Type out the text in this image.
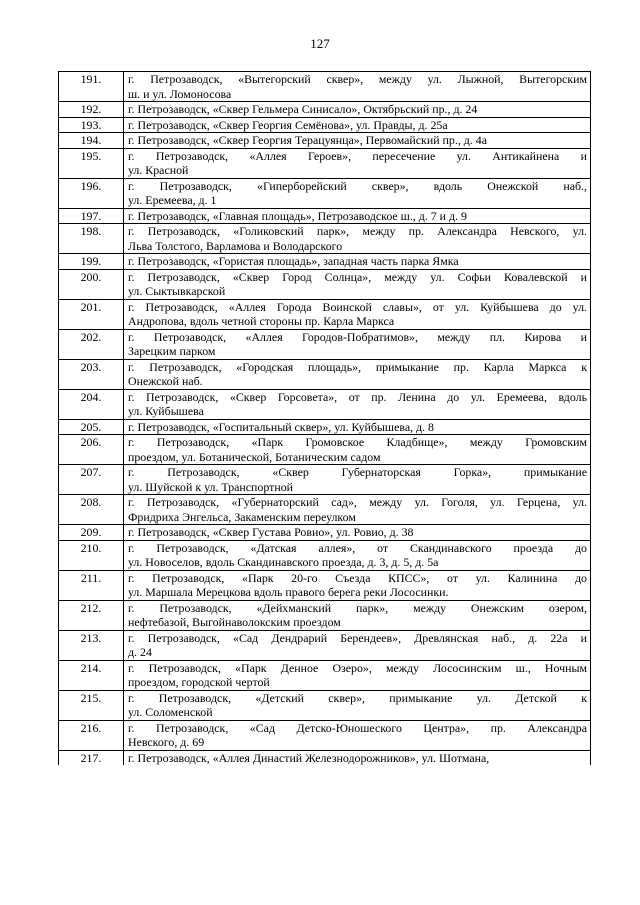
127
191.	г. Петрозаводск, «Вытегорский сквер», между ул. Лыжной, Вытегорским
ш. и ул. Ломоносова

192.	г. Петрозаводск, «Сквер Гельмера Синисало», Октябрьский пр., д. 24

193.	г. Петрозаводск, «Сквер Георгия Семёнова», ул. Правды, д. 25а

194.	г. Петрозаводск, «Сквер Георгия Терацуянца», Первомайский пр., д. 4а

195.	г. Петрозаводск, «Аллея Героев», пересечение ул. Антикайнена и
ул. Красной

196.	г. Петрозаводск, «Гиперборейский сквер», вдоль Онежской наб.,
ул. Еремеева, д. 1

197.	г. Петрозаводск, «Главная площадь», Петрозаводское ш., д. 7 и д. 9

198.	г. Петрозаводск, «Голиковский парк», между пр. Александра Невского, ул.
Льва Толстого, Варламова и Володарского

199.	г. Петрозаводск, «Гористая площадь», западная часть парка Ямка

200.	г. Петрозаводск, «Сквер Город Солнца», между ул. Софьи Ковалевской и
ул. Сыктывкарской

201.	г. Петрозаводск, «Аллея Города Воинской славы», от ул. Куйбышева до ул.
Андропова, вдоль четной стороны пр. Карла Маркса

202.	г. Петрозаводск, «Аллея Городов-Побратимов», между пл. Кирова и
Зарецким парком

203.	г. Петрозаводск, «Городская площадь», примыкание пр. Карла Маркса к
Онежской наб.

204.	г. Петрозаводск, «Сквер Горсовета», от пр. Ленина до ул. Еремеева, вдоль
ул. Куйбышева

205.	г. Петрозаводск, «Госпитальный сквер», ул. Куйбышева, д. 8

206.	г. Петрозаводск, «Парк Громовское Кладбище», между Громовским
проездом, ул. Ботанической, Ботаническим садом

207.	г. Петрозаводск, «Сквер Губернаторская Горка», примыкание
ул. Шуйской к ул. Транспортной

208.	г. Петрозаводск, «Губернаторский сад», между ул. Гоголя, ул. Герцена, ул.
Фридриха Энгельса, Закаменским переулком

209.	г. Петрозаводск, «Сквер Густава Ровио», ул. Ровио, д. 38

210.	г. Петрозаводск, «Датская аллея», от Скандинавского проезда до
ул. Новоселов, вдоль Скандинавского проезда, д. 3, д. 5, д. 5а

211.	г. Петрозаводск, «Парк 20-го Съезда КПСС», от ул. Калинина до
ул. Маршала Мерецкова вдоль правого берега реки Лососинки.

212.	г. Петрозаводск, «Дейхманский парк», между Онежским озером,
нефтебазой, Выгойнаволокским проездом

213.	г. Петрозаводск, «Сад Дендрарий Берендеев», Древлянская наб., д. 22а и
д. 24

214.	г. Петрозаводск, «Парк Денное Озеро», между Лососинским ш., Ночным
проездом, городской чертой

215.	г. Петрозаводск, «Детский сквер», примыкание ул. Детской к
ул. Соломенской

216.	г. Петрозаводск, «Сад Детско-Юношеского Центра», пр. Александра
Невского, д. 69

217.	г. Петрозаводск, «Аллея Династий Железнодорожников», ул. Шотмана,
